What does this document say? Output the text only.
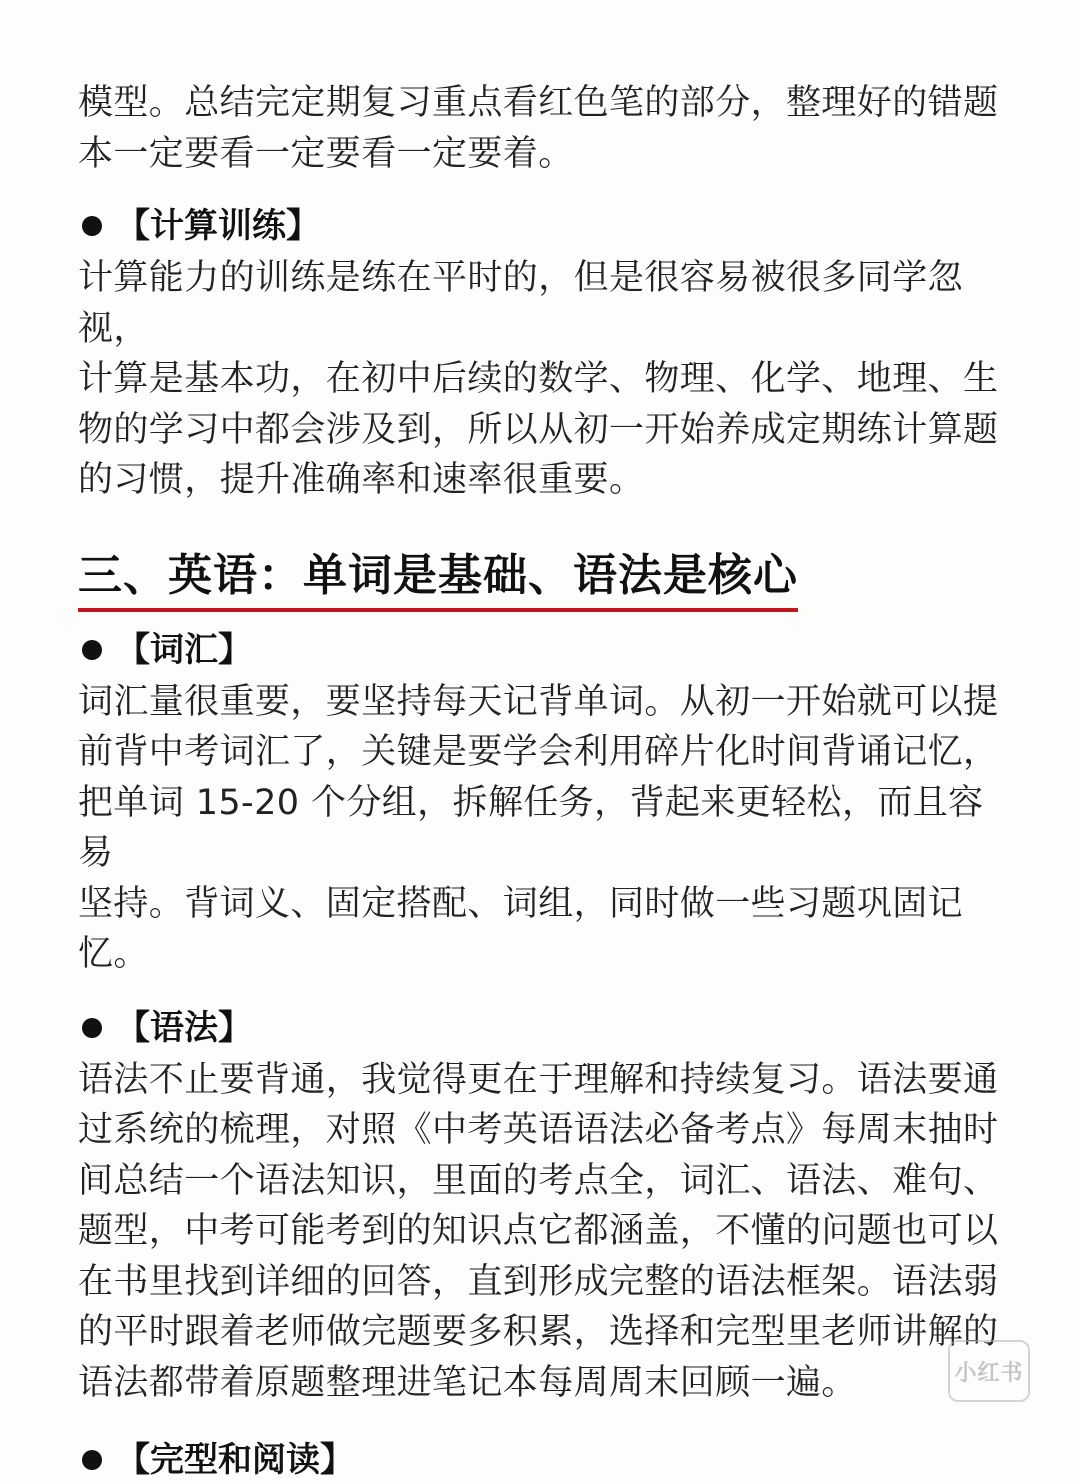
模型。总结完定期复习重点看红色笔的部分，整理好的错题

本一定要看一定要看一定要着。

【计算训练】

计算能力的训练是练在平时的，但是很容易被很多同学忽视，

计算是基本功，在初中后续的数学、物理、化学、地理、生

物的学习中都会涉及到，所以从初一开始养成定期练计算题

的习惯，提升准确率和速率很重要。

三、英语：单词是基础、语法是核心
【词汇】

词汇量很重要，要坚持每天记背单词。从初一开始就可以提

前背中考词汇了，关键是要学会利用碎片化时间背诵记忆，

把单词 15-20 个分组，拆解任务，背起来更轻松，而且容易

坚持。背词义、固定搭配、词组，同时做一些习题巩固记忆。

【语法】

语法不止要背通，我觉得更在于理解和持续复习。语法要通

过系统的梳理，对照《中考英语语法必备考点》每周末抽时

间总结一个语法知识，里面的考点全，词汇、语法、难句、

题型，中考可能考到的知识点它都涵盖，不懂的问题也可以

在书里找到详细的回答，直到形成完整的语法框架。语法弱

的平时跟着老师做完题要多积累，选择和完型里老师讲解的

语法都带着原题整理进笔记本每周周末回顾一遍。

【完型和阅读】
小红书
